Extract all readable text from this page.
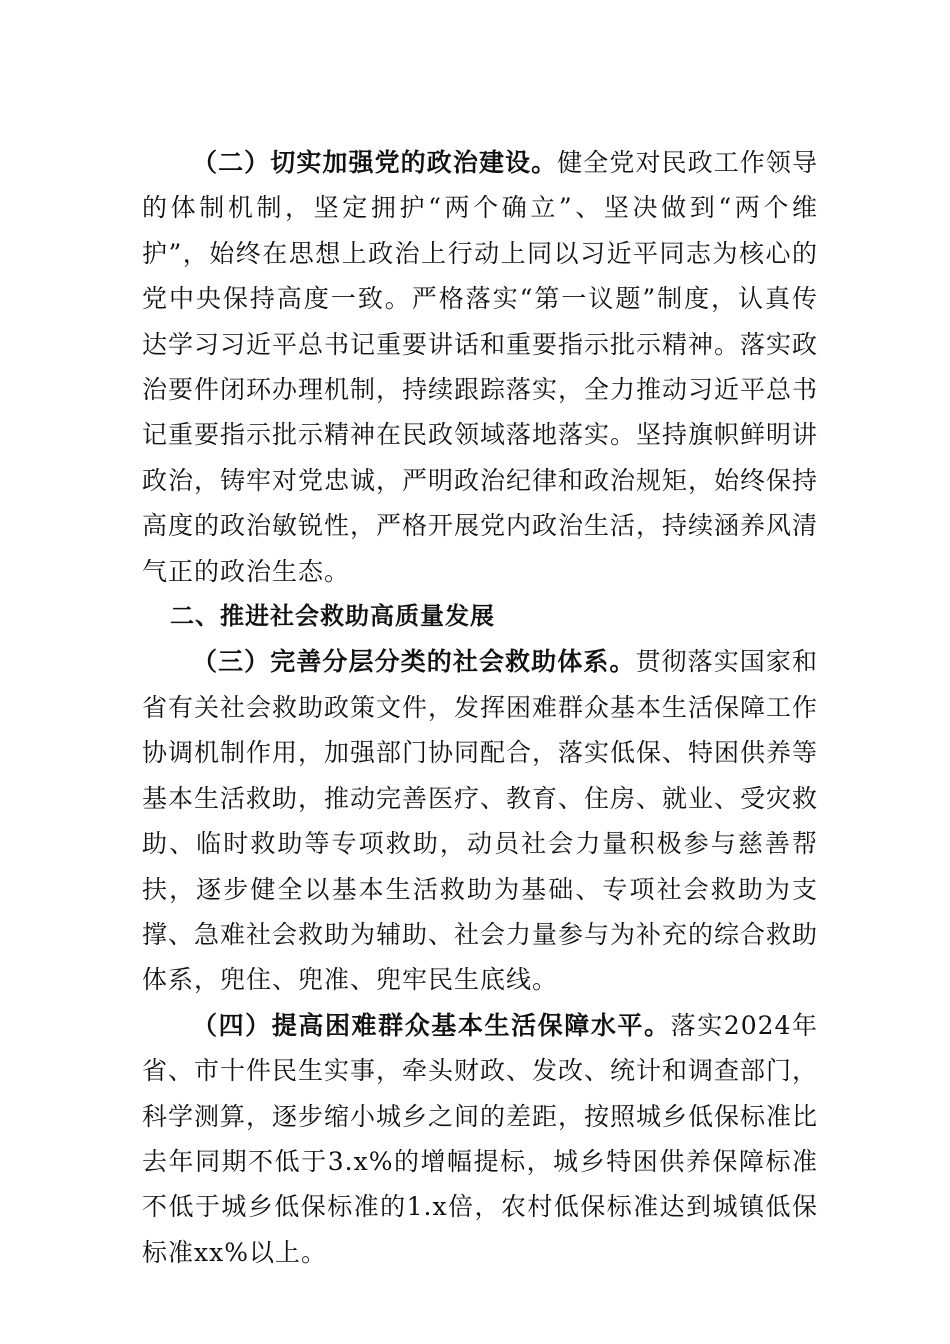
（二）切实加强党的政治建设。健全党对民政工作领导的体制机制，坚定拥护“两个确立”、坚决做到“两个维护”，始终在思想上政治上行动上同以习近平同志为核心的党中央保持高度一致。严格落实“第一议题”制度，认真传达学习习近平总书记重要讲话和重要指示批示精神。落实政治要件闭环办理机制，持续跟踪落实，全力推动习近平总书记重要指示批示精神在民政领域落地落实。坚持旗帜鲜明讲政治，铸牢对党忠诚，严明政治纪律和政治规矩，始终保持高度的政治敏锐性，严格开展党内政治生活，持续涵养风清气正的政治生态。

二、推进社会救助高质量发展

（三）完善分层分类的社会救助体系。贯彻落实国家和省有关社会救助政策文件，发挥困难群众基本生活保障工作协调机制作用，加强部门协同配合，落实低保、特困供养等基本生活救助，推动完善医疗、教育、住房、就业、受灾救助、临时救助等专项救助，动员社会力量积极参与慈善帮扶，逐步健全以基本生活救助为基础、专项社会救助为支撑、急难社会救助为辅助、社会力量参与为补充的综合救助体系，兜住、兜准、兜牢民生底线。

（四）提高困难群众基本生活保障水平。落实2024年省、市十件民生实事，牵头财政、发改、统计和调查部门，科学测算，逐步缩小城乡之间的差距，按照城乡低保标准比去年同期不低于3.x%的增幅提标，城乡特困供养保障标准不低于城乡低保标准的1.x倍，农村低保标准达到城镇低保标准xx%以上。
